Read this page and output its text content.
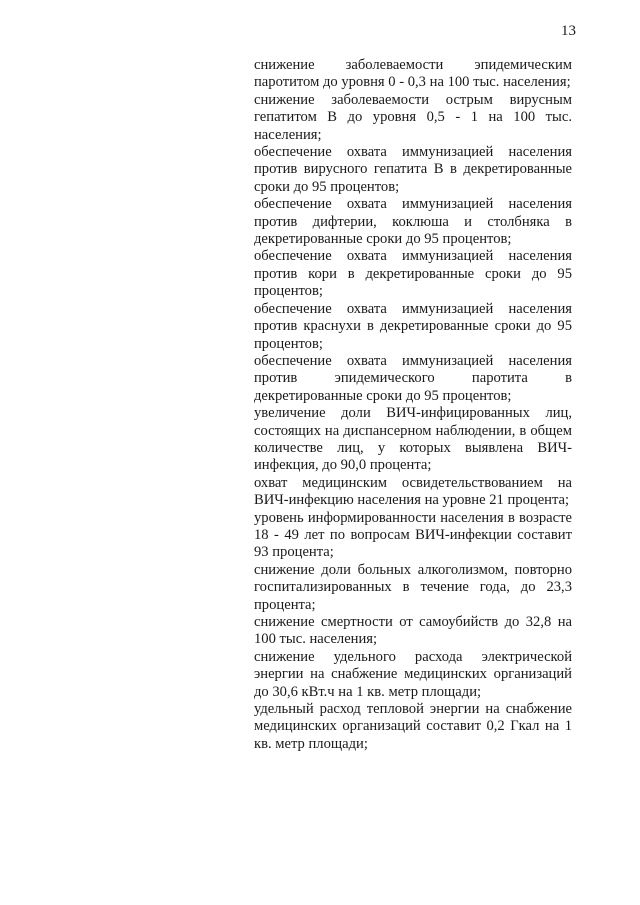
13

снижение заболеваемости эпидемическим паротитом до уровня 0 - 0,3 на 100 тыс. населения;

снижение заболеваемости острым вирусным гепатитом В до уровня 0,5 - 1 на 100 тыс. населения;

обеспечение охвата иммунизацией населения против вирусного гепатита В в декретированные сроки до 95 процентов;

обеспечение охвата иммунизацией населения против дифтерии, коклюша и столбняка в декретированные сроки до 95 процентов;

обеспечение охвата иммунизацией населения против кори в декретированные сроки до 95 процентов;

обеспечение охвата иммунизацией населения против краснухи в декретированные сроки до 95 процентов;

обеспечение охвата иммунизацией населения против эпидемического паротита в декретированные сроки до 95 процентов;

увеличение доли ВИЧ-инфицированных лиц, состоящих на диспансерном наблюдении, в общем количестве лиц, у которых выявлена ВИЧ-инфекция, до 90,0 процента;

охват медицинским освидетельствованием на ВИЧ-инфекцию населения на уровне 21 процента;

уровень информированности населения в возрасте 18 - 49 лет по вопросам ВИЧ-инфекции составит 93 процента;

снижение доли больных алкоголизмом, повторно госпитализированных в течение года, до 23,3 процента;

снижение смертности от самоубийств до 32,8 на 100 тыс. населения;

снижение удельного расхода электрической энергии на снабжение медицинских организаций до 30,6 кВт.ч на 1 кв. метр площади;

удельный расход тепловой энергии на снабжение медицинских организаций составит 0,2 Гкал на 1 кв. метр площади;
